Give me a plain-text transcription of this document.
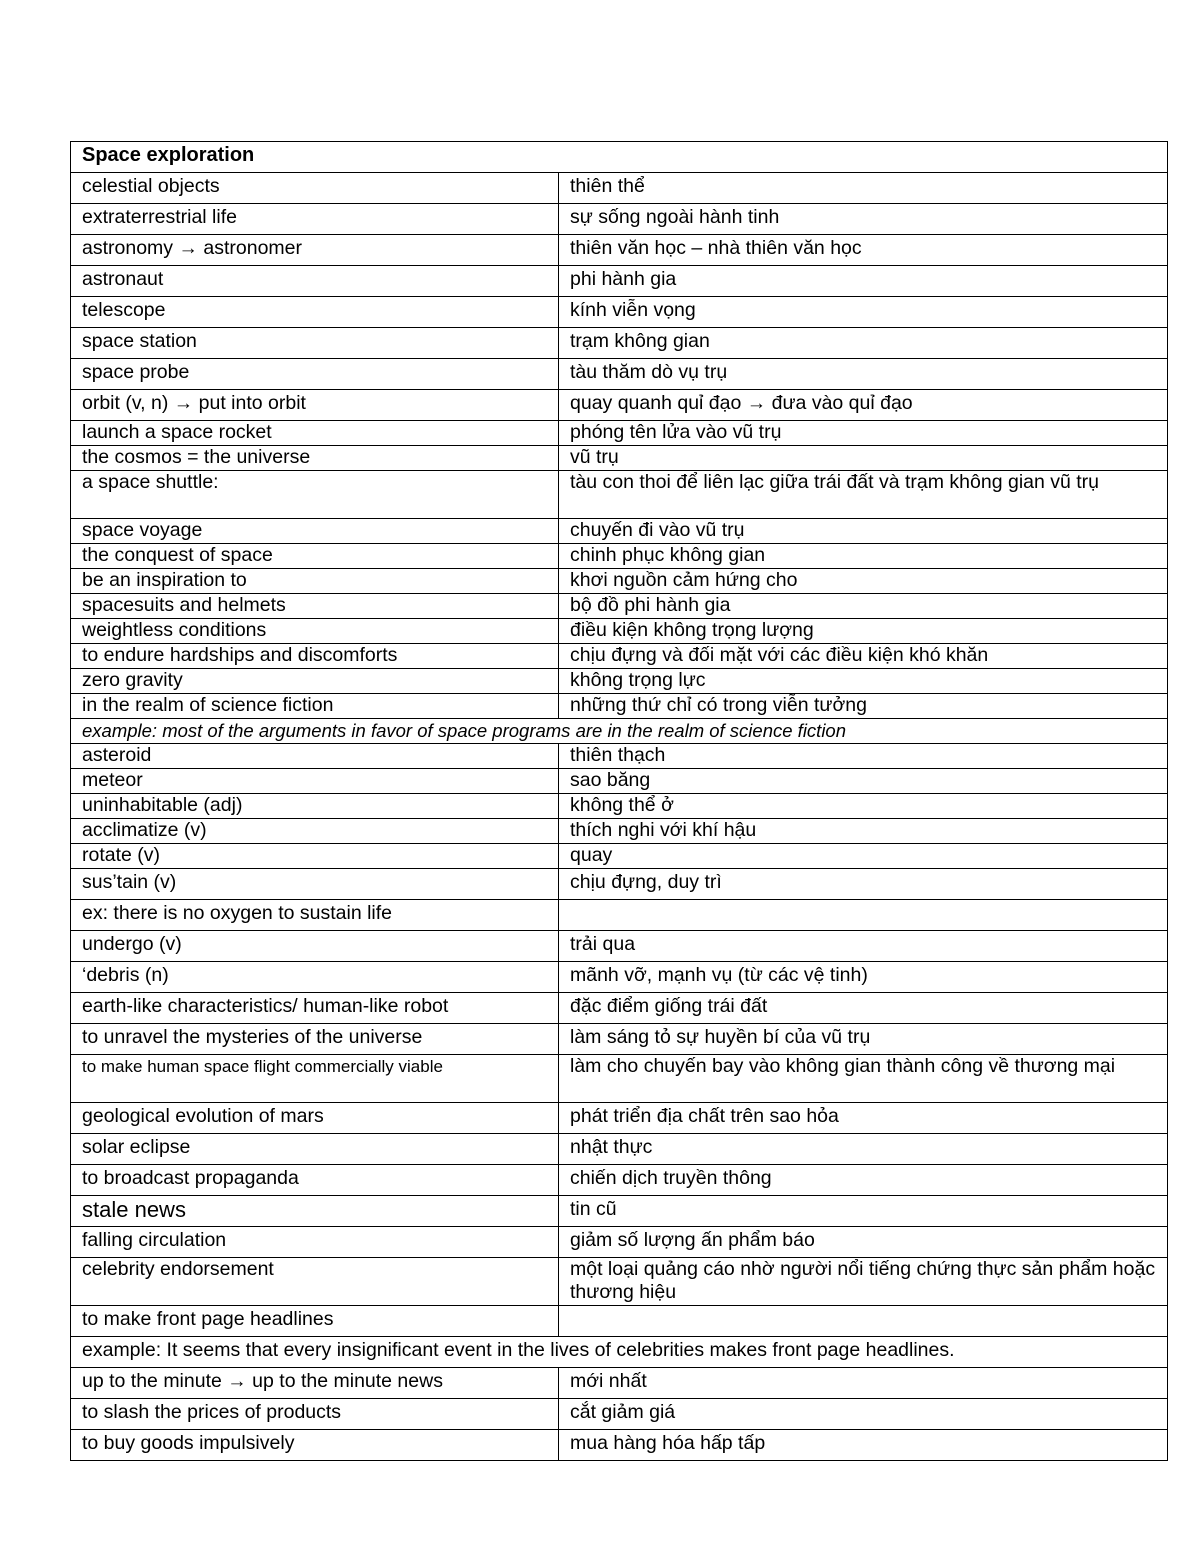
Space exploration	
celestial objects	thiên thể
extraterrestrial life	sự sống ngoài hành tinh
astronomy → astronomer	thiên văn học – nhà thiên văn học
astronaut	phi hành gia
telescope	kính viễn vọng
space station	trạm không gian
space probe	tàu thăm dò vụ trụ
orbit (v, n) → put into orbit	quay quanh quỉ đạo → đưa vào quỉ đạo
launch a space rocket	phóng tên lửa vào vũ trụ
the cosmos = the universe	vũ trụ
a space shuttle:	tàu con thoi để liên lạc giữa trái đất và trạm không gian vũ trụ
space voyage	chuyến đi vào vũ trụ
the conquest of space	chinh phục không gian
be an inspiration to	khơi nguồn cảm hứng cho
spacesuits and helmets	bộ đồ phi hành gia
weightless conditions	điều kiện không trọng lượng
to endure hardships and discomforts	chịu đựng và đối mặt với các điều kiện khó khăn
zero gravity	không trọng lực
in the realm of science fiction	những thứ chỉ có trong viễn tưởng
example: most of the arguments in favor of space programs are in the realm of science fiction	
asteroid	thiên thạch
meteor	sao băng
uninhabitable (adj)	không thể ở
acclimatize (v)	thích nghi với khí hậu
rotate (v)	quay
sus’tain (v)	chịu đựng, duy trì
ex: there is no oxygen to sustain life	
undergo (v)	trải qua
‘debris (n)	mãnh vỡ, mạnh vụ (từ các vệ tinh)
earth-like characteristics/ human-like robot	đặc điểm giống trái đất
to unravel the mysteries of the universe	làm sáng tỏ sự huyền bí của vũ trụ
to make human space flight commercially viable	làm cho chuyến bay vào không gian thành công về thương mại
geological evolution of mars	phát triển địa chất trên sao hỏa
solar eclipse	nhật thực
to broadcast propaganda	chiến dịch truyền thông
stale news	tin cũ
falling circulation	giảm số lượng ấn phẩm báo
celebrity endorsement	một loại quảng cáo nhờ người nổi tiếng chứng thực sản phẩm hoặc thương hiệu
to make front page headlines	
example: It seems that every insignificant event in the lives of celebrities makes front page headlines.	
up to the minute → up to the minute news	mới nhất
to slash the prices of products	cắt giảm giá
to buy goods impulsively	mua hàng hóa hấp tấp
